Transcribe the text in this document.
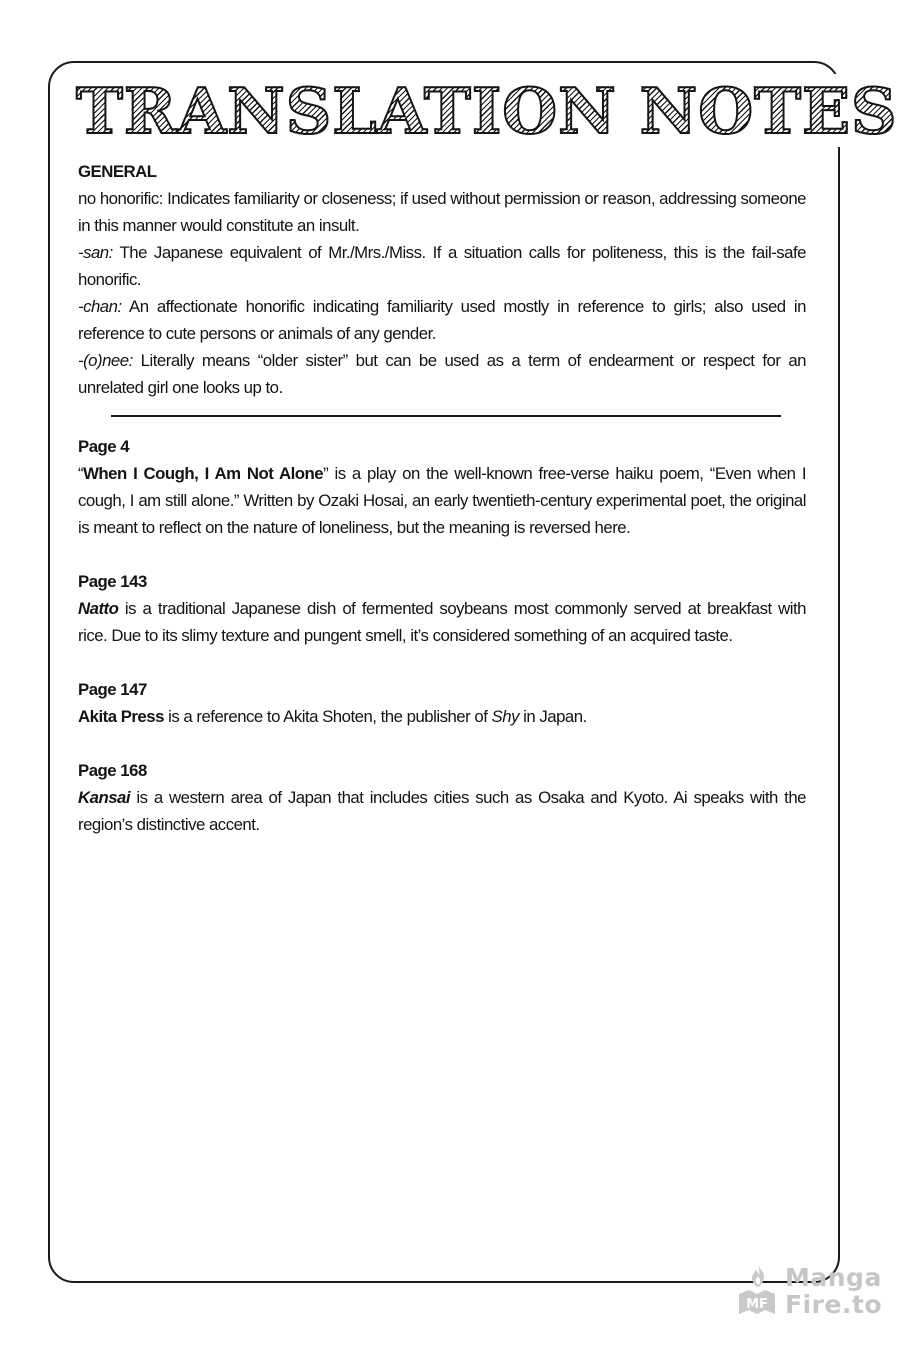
TRANSLATION NOTES

GENERAL

no honorific: Indicates familiarity or closeness; if used without permission or reason, addressing someone in this manner would constitute an insult.

-san: The Japanese equivalent of Mr./Mrs./Miss. If a situation calls for politeness, this is the fail-safe honorific.

-chan: An affectionate honorific indicating familiarity used mostly in reference to girls; also used in reference to cute persons or animals of any gender.

-(o)nee: Literally means “older sister” but can be used as a term of endearment or respect for an unrelated girl one looks up to.

Page 4

“When I Cough, I Am Not Alone” is a play on the well-known free-verse haiku poem, “Even when I cough, I am still alone.” Written by Ozaki Hosai, an early twentieth-century experimental poet, the original is meant to reflect on the nature of loneliness, but the meaning is reversed here.

Page 143

Natto is a traditional Japanese dish of fermented soybeans most commonly served at breakfast with rice. Due to its slimy texture and pungent smell, it’s considered something of an acquired taste.

Page 147

Akita Press is a reference to Akita Shoten, the publisher of Shy in Japan.

Page 168

Kansai is a western area of Japan that includes cities such as Osaka and Kyoto. Ai speaks with the region’s distinctive accent.

MF
Manga
Fire.to
